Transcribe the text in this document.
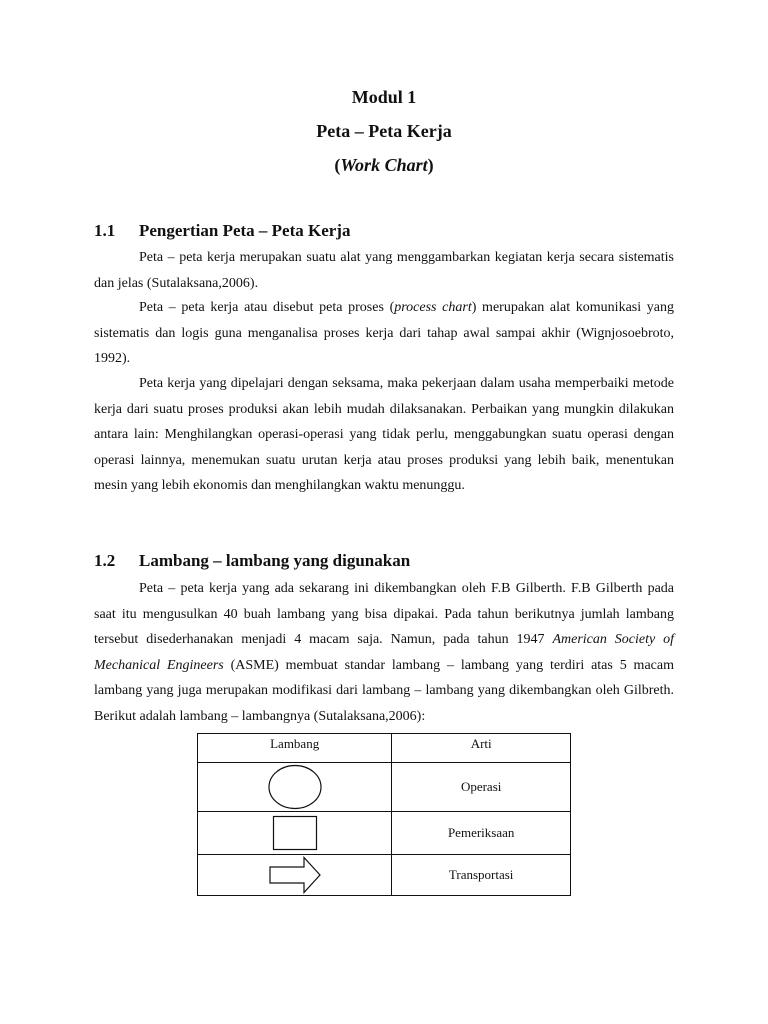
Modul 1
Peta – Peta Kerja
(Work Chart)
1.1 Pengertian Peta – Peta Kerja

Peta – peta kerja merupakan suatu alat yang menggambarkan kegiatan kerja secara sistematis dan jelas (Sutalaksana,2006).

Peta – peta kerja atau disebut peta proses (process chart) merupakan alat komunikasi yang sistematis dan logis guna menganalisa proses kerja dari tahap awal sampai akhir (Wignjosoebroto, 1992).

Peta kerja yang dipelajari dengan seksama, maka pekerjaan dalam usaha memperbaiki metode kerja dari suatu proses produksi akan lebih mudah dilaksanakan. Perbaikan yang mungkin dilakukan antara lain: Menghilangkan operasi-operasi yang tidak perlu, menggabungkan suatu operasi dengan operasi lainnya, menemukan suatu urutan kerja atau proses produksi yang lebih baik, menentukan mesin yang lebih ekonomis dan menghilangkan waktu menunggu.

1.2 Lambang – lambang yang digunakan

Peta – peta kerja yang ada sekarang ini dikembangkan oleh F.B Gilberth. F.B Gilberth pada saat itu mengusulkan 40 buah lambang yang bisa dipakai. Pada tahun berikutnya jumlah lambang tersebut disederhanakan menjadi 4 macam saja. Namun, pada tahun 1947 American Society of Mechanical Engineers (ASME) membuat standar lambang – lambang yang terdiri atas 5 macam lambang yang juga merupakan modifikasi dari lambang – lambang yang dikembangkan oleh Gilbreth. Berikut adalah lambang – lambangnya (Sutalaksana,2006):

Lambang	Arti

	Operasi

	Pemeriksaan

	Transportasi
